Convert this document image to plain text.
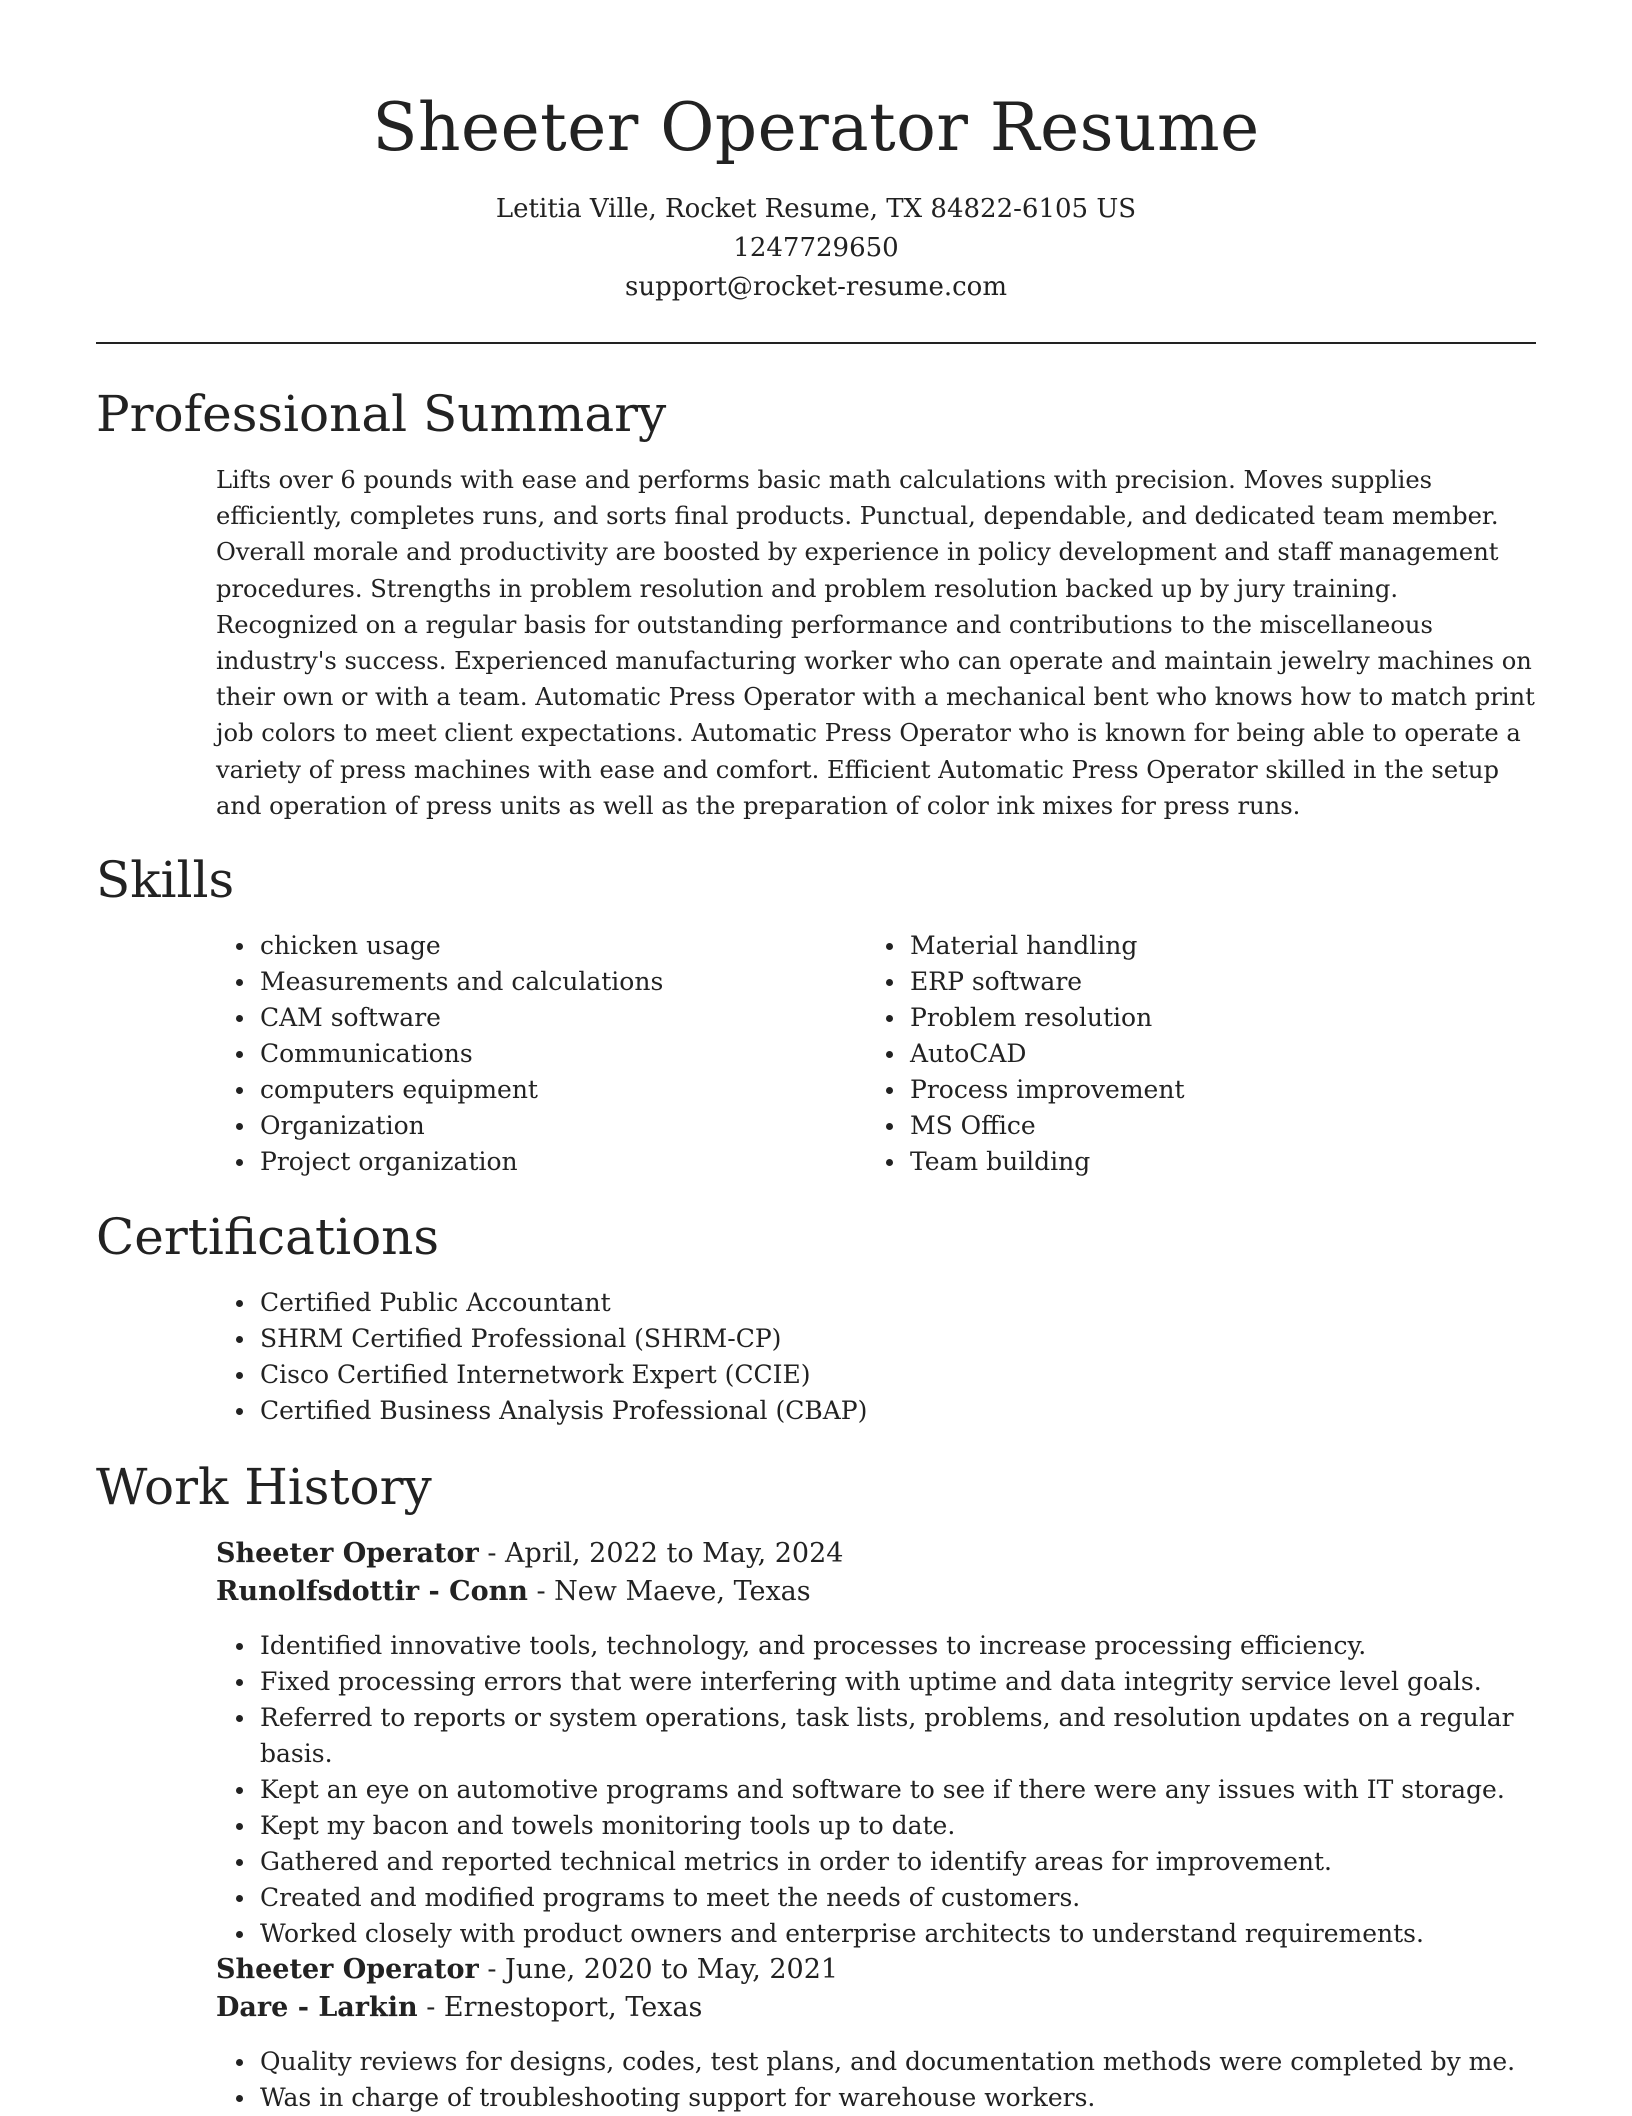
Sheeter Operator Resume
Letitia Ville, Rocket Resume, TX 84822-6105 US
1247729650
support@rocket-resume.com
Professional Summary

Lifts over 6 pounds with ease and performs basic math calculations with precision. Moves supplies efficiently, completes runs, and sorts final products. Punctual, dependable, and dedicated team member. Overall morale and productivity are boosted by experience in policy development and staff management procedures. Strengths in problem resolution and problem resolution backed up by jury training. Recognized on a regular basis for outstanding performance and contributions to the miscellaneous industry's success. Experienced manufacturing worker who can operate and maintain jewelry machines on their own or with a team. Automatic Press Operator with a mechanical bent who knows how to match print job colors to meet client expectations. Automatic Press Operator who is known for being able to operate a variety of press machines with ease and comfort. Efficient Automatic Press Operator skilled in the setup and operation of press units as well as the preparation of color ink mixes for press runs.

Skills
chicken usage
Measurements and calculations
CAM software
Communications
computers equipment
Organization
Project organization
Material handling
ERP software
Problem resolution
AutoCAD
Process improvement
MS Office
Team building
Certifications
Certified Public Accountant
SHRM Certified Professional (SHRM-CP)
Cisco Certified Internetwork Expert (CCIE)
Certified Business Analysis Professional (CBAP)
Work History
Sheeter Operator - April, 2022 to May, 2024
Runolfsdottir - Conn - New Maeve, Texas
Identified innovative tools, technology, and processes to increase processing efficiency.
Fixed processing errors that were interfering with uptime and data integrity service level goals.
Referred to reports or system operations, task lists, problems, and resolution updates on a regular basis.
Kept an eye on automotive programs and software to see if there were any issues with IT storage.
Kept my bacon and towels monitoring tools up to date.
Gathered and reported technical metrics in order to identify areas for improvement.
Created and modified programs to meet the needs of customers.
Worked closely with product owners and enterprise architects to understand requirements.
Sheeter Operator - June, 2020 to May, 2021
Dare - Larkin - Ernestoport, Texas
Quality reviews for designs, codes, test plans, and documentation methods were completed by me.
Was in charge of troubleshooting support for warehouse workers.
